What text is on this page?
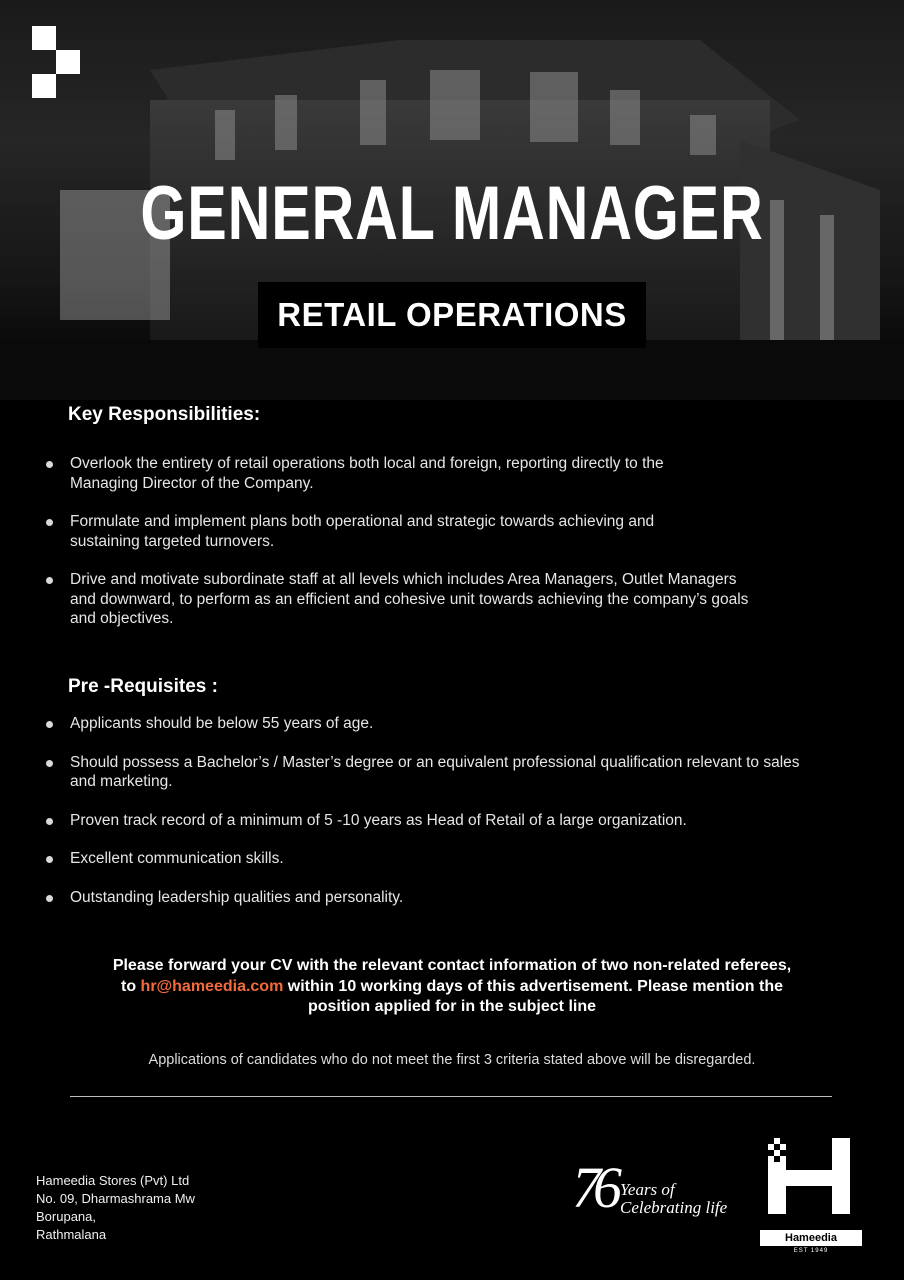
GENERAL MANAGER
RETAIL OPERATIONS
Key Responsibilities:
Overlook the entirety of retail operations both local and foreign, reporting directly to the Managing Director of the Company.
Formulate and implement plans both operational and strategic towards achieving and sustaining targeted turnovers.
Drive and motivate subordinate staff at all levels which includes Area Managers, Outlet Managers and downward, to perform as an efficient and cohesive unit towards achieving the company’s goals and objectives.
Pre -Requisites :
Applicants should be below 55 years of age.
Should possess a Bachelor’s / Master’s degree or an equivalent professional qualification relevant to sales and marketing.
Proven track record of a minimum of 5 -10 years as Head of Retail of a large organization.
Excellent communication skills.
Outstanding leadership qualities and personality.
Please forward your CV with the relevant contact information of two non-related referees,
to hr@hameedia.com within 10 working days of this advertisement. Please mention the
position applied for in the subject line
Applications of candidates who do not meet the first 3 criteria stated above will be disregarded.
Hameedia Stores (Pvt) Ltd
No. 09, Dharmashrama Mw
Borupana,
Rathmalana
76 Years of
Celebrating life
Hameedia
EST 1949
